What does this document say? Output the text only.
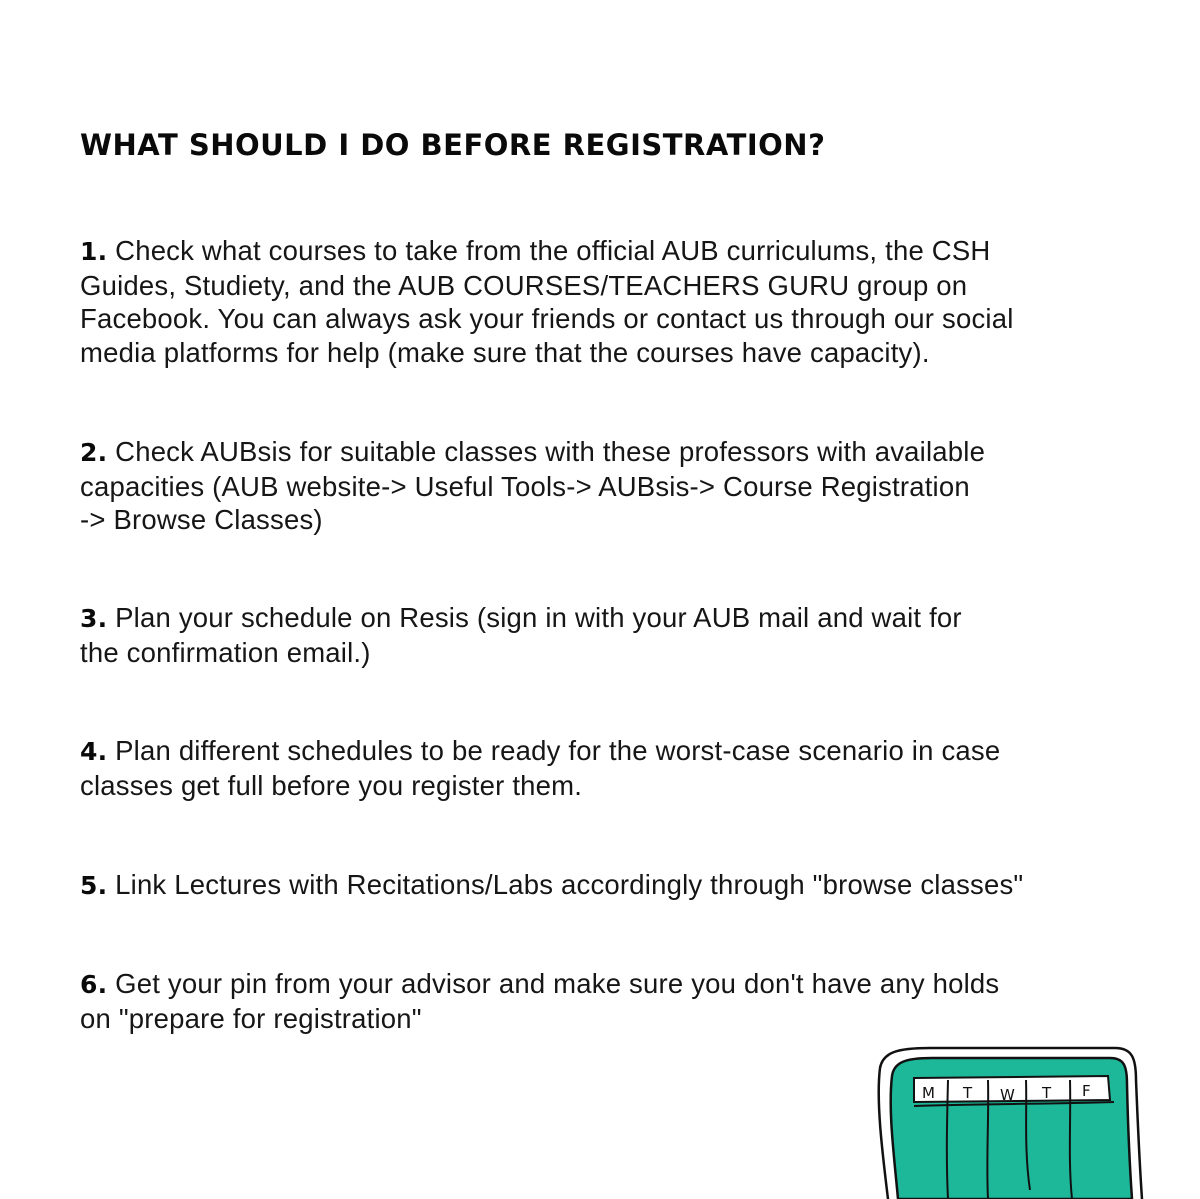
WHAT SHOULD I DO BEFORE REGISTRATION?

1. Check what courses to take from the official AUB curriculums, the CSH
Guides, Studiety, and the AUB COURSES/TEACHERS GURU group on
Facebook. You can always ask your friends or contact us through our social
media platforms for help (make sure that the courses have capacity).

2. Check AUBsis for suitable classes with these professors with available
capacities (AUB website-> Useful Tools-> AUBsis-> Course Registration
-> Browse Classes)

3. Plan your schedule on Resis (sign in with your AUB mail and wait for
the confirmation email.)

4. Plan different schedules to be ready for the worst-case scenario in case
classes get full before you register them.

5. Link Lectures with Recitations/Labs accordingly through "browse classes"

6. Get your pin from your advisor and make sure you don't have any holds
on "prepare for registration"

M T W T F
